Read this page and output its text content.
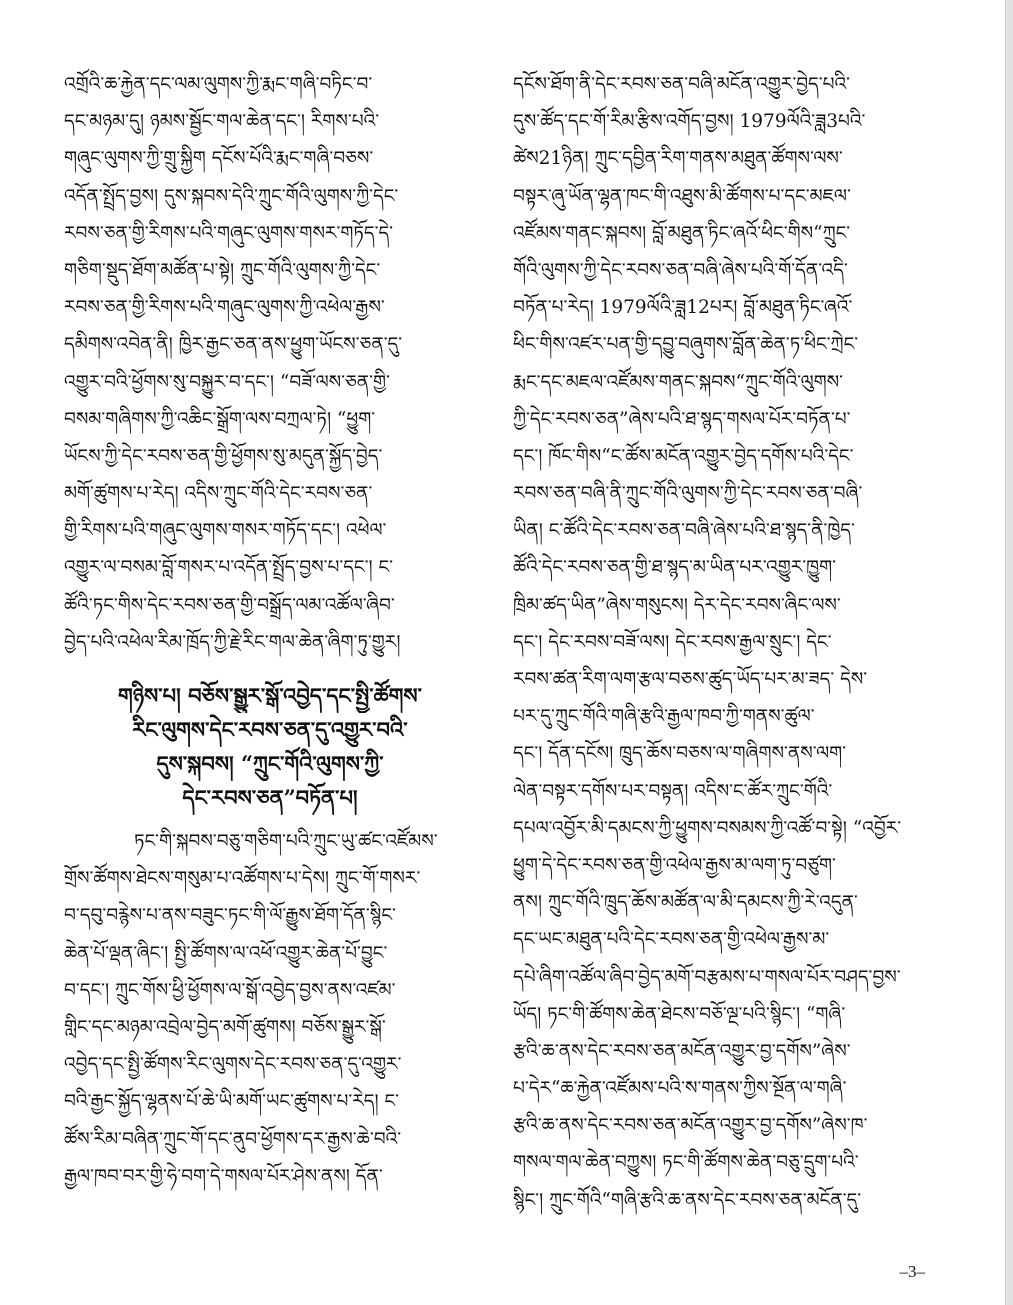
འགྲོའི་ཆ་རྐྱེན་དང་ལམ་ལུགས་ཀྱི་རྨང་གཞི་བཏིང་བ་
དང་མཉམ་དུ། ཉམས་སྦྱོང་གལ་ཆེན་དང་། རིགས་པའི་
གཞུང་ལུགས་ཀྱི་གྲུ་སྐྱིག དངོས་པོའི་རྨང་གཞི་བཅས་
འདོན་སྤྲོད་བྱས། དུས་སྐབས་དེའི་ཀྲུང་གོའི་ལུགས་ཀྱི་དེང་
རབས་ཅན་གྱི་རིགས་པའི་གཞུང་ལུགས་གསར་གཏོད་དེ་
གཅིག་སྡུད་ཐོག་མཚོན་པ་སྟེ། ཀྲུང་གོའི་ལུགས་ཀྱི་དེང་
རབས་ཅན་གྱི་རིགས་པའི་གཞུང་ལུགས་ཀྱི་འཕེལ་རྒྱས་
དམིགས་འབེན་ནི། ཁྱིར་རྒྱང་ཅན་ནས་ཕྱུག་ཡོངས་ཅན་དུ་
འགྱུར་བའི་ཕྱོགས་སུ་བསྐྱུར་བ་དང་། “བཟོ་ལས་ཅན་གྱི་
བསམ་གཞིགས་ཀྱི་འཆིང་སྒྲོག་ལས་བཀྲལ་ཏེ། “ཕྱུག་
ཡོངས་ཀྱི་དེང་རབས་ཅན་གྱི་ཕྱོགས་སུ་མདུན་སྐྱོད་བྱེད་
མགོ་ཚུགས་པ་རེད། འདིས་ཀྲུང་གོའི་དེང་རབས་ཅན་
གྱི་རིགས་པའི་གཞུང་ལུགས་གསར་གཏོད་དང་། འཕེལ་
འགྱུར་ལ་བསམ་བློ་གསར་པ་འདོན་སྤྲོད་བྱས་པ་དང་། ང་
ཚོའི་ཏང་གིས་དེང་རབས་ཅན་གྱི་བསྒྲོད་ལམ་འཚོལ་ཞིབ་
བྱེད་པའི་འཕེལ་རིམ་ཁྲོད་ཀྱི་རྗེ་རིང་གལ་ཆེན་ཞིག་ཏུ་གྱུར།
གཉིས་པ། བཅོས་སྒྱུར་སྒོ་འབྱེད་དང་སྤྱི་ཚོགས་
རིང་ལུགས་དེང་རབས་ཅན་དུ་འགྱུར་བའི་
དུས་སྐབས། “ཀྲུང་གོའི་ལུགས་ཀྱི་
དེང་རབས་ཅན”བཏོན་པ།
ཏང་གི་སྐབས་བཅུ་གཅིག་པའི་ཀྲུང་ཡུ་ཚང་འཛོམས་
གྲོས་ཚོགས་ཐེངས་གསུམ་པ་འཚོགས་པ་དེས། ཀྲུང་གོ་གསར་
བ་དབུ་བརྙེས་པ་ནས་བཟུང་ཏང་གི་ལོ་རྒྱུས་ཐོག་དོན་སྙིང་
ཆེན་པོ་ལྡན་ཞིང་། སྤྱི་ཚོགས་ལ་འཕོ་འགྱུར་ཆེན་པོ་བྱུང་
བ་དང་། ཀྲུང་གོས་ཕྱི་ཕྱོགས་ལ་སྒོ་འབྱེད་བྱས་ནས་འཛམ་
གླིང་དང་མཉམ་འབྲེལ་བྱེད་མགོ་ཚུགས། བཅོས་སྒྱུར་སྒོ་
འབྱེད་དང་སྤྱི་ཚོགས་རིང་ལུགས་དེང་རབས་ཅན་དུ་འགྱུར་
བའི་རྒྱང་སྐྱོད་ལྷནས་པོ་ཆེ་ཡི་མགོ་ཡང་ཚུགས་པ་རེད། ང་
ཚོས་རིམ་བཞིན་ཀྲུང་གོ་དང་ནུབ་ཕྱོགས་དར་རྒྱས་ཆེ་བའི་
རྒྱལ་ཁབ་བར་གྱི་ཧེ་བག་དེ་གསལ་པོར་ཤེས་ནས། དོན་
དངོས་ཐོག་ནི་དེང་རབས་ཅན་བཞི་མངོན་འགྱུར་བྱེད་པའི་
དུས་ཚོད་དང་གོ་རིམ་རྩིས་འགོད་བྱས། 1979ལོའི་ཟླ3པའི་
ཚེས21ཉིན། ཀྲུང་དབྱིན་རིག་གནས་མཐུན་ཚོགས་ལས་
བསྟར་ཞུ་ཡོན་ལྷན་ཁང་གི་འཐུས་མི་ཚོགས་པ་དང་མཇལ་
འཛོམས་གནང་སྐབས། བློ་མཐུན་ཏིང་ཞའོ་ཕིང་གིས“ཀྲུང་
གོའི་ལུགས་ཀྱི་དེང་རབས་ཅན་བཞི་ཞེས་པའི་གོ་དོན་འདི་
བཏོན་པ་རེད། 1979ལོའི་ཟླ12པར། བློ་མཐུན་ཏིང་ཞའོ་
ཕིང་གིས་འཛར་པན་གྱི་དབྱུ་བཞུགས་བློན་ཆེན་ཏ་ཕིང་ཀྲེང་
རྨང་དང་མཇལ་འཛོམས་གནང་སྐབས“ཀྲུང་གོའི་ལུགས་
ཀྱི་དེང་རབས་ཅན”ཞེས་པའི་ཐ་སྙད་གསལ་པོར་བཏོན་པ་
དང་། ཁོང་གིས“ང་ཚོས་མངོན་འགྱུར་བྱེད་དགོས་པའི་དེང་
རབས་ཅན་བཞི་ནི་ཀྲུང་གོའི་ལུགས་ཀྱི་དེང་རབས་ཅན་བཞི་
ཡིན། ང་ཚོའི་དེང་རབས་ཅན་བཞི་ཞེས་པའི་ཐ་སྙད་ནི་ཁྱེད་
ཚོའི་དེང་རབས་ཅན་གྱི་ཐ་སྙད་མ་ཡིན་པར་འགྱུར་ཁྱུག་
ཁྲིམ་ཚད་ཡིན”ཞེས་གསུངས། དེར་དེང་རབས་ཞིང་ལས་
དང་། དེང་རབས་བཟོ་ལས། དེང་རབས་རྒྱལ་སྲུང་། དེང་
རབས་ཚན་རིག་ལག་རྩལ་བཅས་ཚུད་ཡོད་པར་མ་ཟད་ དེས་
པར་དུ་ཀྲུང་གོའི་གཞི་རྩའི་རྒྱལ་ཁབ་ཀྱི་གནས་ཚུལ་
དང་། དོན་དངོས། ཁྲུད་ཆོས་བཅས་ལ་གཞིགས་ནས་ལག་
ལེན་བསྟར་དགོས་པར་བསྟན། འདིས་ང་ཚོར་ཀྲུང་གོའི་
དཔལ་འབྱོར་མི་དམངས་ཀྱི་ཕྱུགས་བསམས་ཀྱི་འཚོ་བ་སྟེ། “འབྱོར་
ཕྱུག་དེ་དེང་རབས་ཅན་གྱི་འཕེལ་རྒྱས་མ་ལག་ཏུ་བཙུག་
ནས། ཀྲུང་གོའི་ཁྲུད་ཆོས་མཚོན་ལ་མི་དམངས་ཀྱི་རེ་འདུན་
དང་ཡང་མཐུན་པའི་དེང་རབས་ཅན་གྱི་འཕེལ་རྒྱས་མ་
དཔེ་ཞིག་འཚོལ་ཞིབ་བྱེད་མགོ་བརྩམས་པ་གསལ་པོར་བཤད་བྱས་
ཡོད། ཏང་གི་ཚོགས་ཆེན་ཐེངས་བཅོ་ལྔ་པའི་སྙིང་། “གཞི་
རྩའི་ཆ་ནས་དེང་རབས་ཅན་མངོན་འགྱུར་བྱ་དགོས”ཞེས་
པ་དེར“ཆ་རྐྱེན་འཛོམས་པའི་ས་གནས་ཀྱིས་སྔོན་ལ་གཞི་
རྩའི་ཆ་ནས་དེང་རབས་ཅན་མངོན་འགྱུར་བྱ་དགོས”ཞེས་ཁ་
གསལ་གལ་ཆེན་བཀྱུས། ཏང་གི་ཚོགས་ཆེན་བཅུ་དྲུག་པའི་
སྙིང་། ཀྲུང་གོའི“གཞི་རྩའི་ཆ་ནས་དེང་རབས་ཅན་མངོན་དུ་
–3–
